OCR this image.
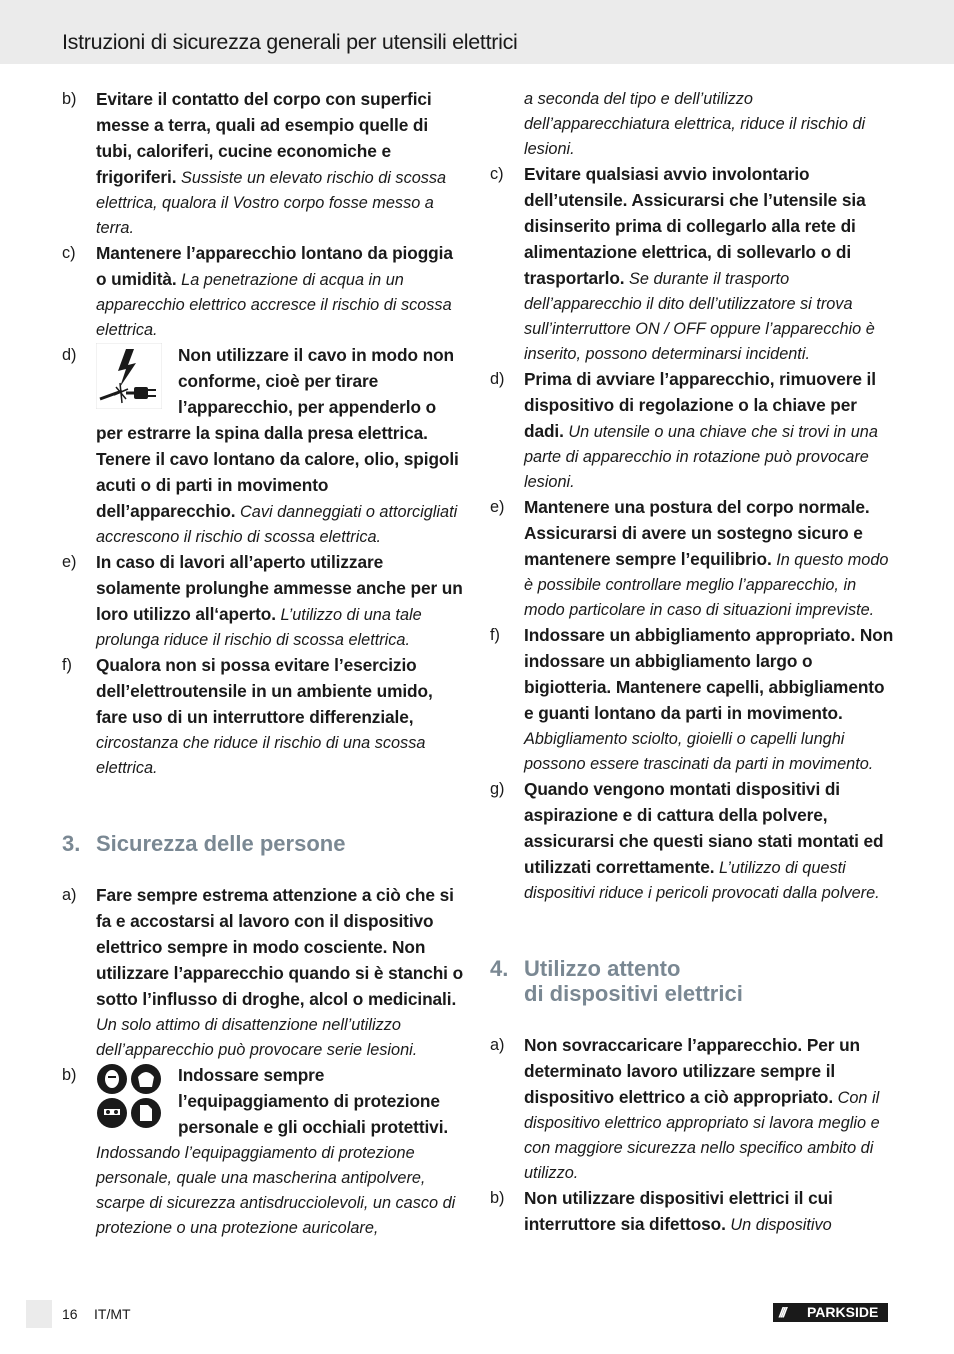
Istruzioni di sicurezza generali per utensili elettrici
b) Evitare il contatto del corpo con superfici messe a terra, quali ad esempio quelle di tubi, caloriferi, cucine economiche e frigoriferi. Sussiste un elevato rischio di scossa elettrica, qualora il Vostro corpo fosse messo a terra.
c) Mantenere l’apparecchio lontano da pioggia o umidità. La penetrazione di acqua in un apparecchio elettrico accresce il rischio di scossa elettrica.
d)	Non utilizzare il cavo in modo non conforme, cioè per tirare l’apparecchio, per appenderlo o per estrarre la spina dalla presa elettrica. Tenere il cavo lontano da calore, olio, spigoli acuti o di parti in movimento dell’apparecchio. Cavi danneggiati o attorcigliati accrescono il rischio di scossa elettrica.
e) In caso di lavori all’aperto utilizzare solamente prolunghe ammesse anche per un loro utilizzo all‘aperto. L’utilizzo di una tale prolunga riduce il rischio di scossa elettrica.
f) Qualora non si possa evitare l’esercizio dell’elettroutensile in un ambiente umido, fare uso di un interruttore differenziale, circostanza che riduce il rischio di una scossa elettrica.
3. Sicurezza delle persone
a) Fare sempre estrema attenzione a ciò che si fa e accostarsi al lavoro con il dispositivo elettrico sempre in modo cosciente. Non utilizzare l’apparecchio quando si è stanchi o sotto l’influsso di droghe, alcol o medicinali. Un solo attimo di disattenzione nell’utilizzo dell’apparecchio può provocare serie lesioni.
b)	Indossare sempre l’equipaggiamento di protezione personale e gli occhiali protettivi.
Indossando l’equipaggiamento di protezione personale, quale una mascherina antipolvere, scarpe di sicurezza antisdrucciolevoli, un casco di protezione o una protezione auricolare,
a seconda del tipo e dell’utilizzo dell’apparecchiatura elettrica, riduce il rischio di lesioni.
c) Evitare qualsiasi avvio involontario dell’utensile. Assicurarsi che l’utensile sia disinserito prima di collegarlo alla rete di alimentazione elettrica, di sollevarlo o di trasportarlo. Se durante il trasporto dell’apparecchio il dito dell’utilizzatore si trova sull’interruttore ON / OFF oppure l’apparecchio è inserito, possono determinarsi incidenti.
d) Prima di avviare l’apparecchio, rimuovere il dispositivo di regolazione o la chiave per dadi. Un utensile o una chiave che si trovi in una parte di apparecchio in rotazione può provocare lesioni.
e) Mantenere una postura del corpo normale. Assicurarsi di avere un sostegno sicuro e mantenere sempre l’equilibrio. In questo modo è possibile controllare meglio l’apparecchio, in modo particolare in caso di situazioni impreviste.
f) Indossare un abbigliamento appropriato. Non indossare un abbigliamento largo o bigiotteria. Mantenere capelli, abbigliamento e guanti lontano da parti in movimento. Abbigliamento sciolto, gioielli o capelli lunghi possono essere trascinati da parti in movimento.
g) Quando vengono montati dispositivi di aspirazione e di cattura della polvere, assicurarsi che questi siano stati montati ed utilizzati correttamente. L’utilizzo di questi dispositivi riduce i pericoli provocati dalla polvere.
4. Utilizzo attento
di dispositivi elettrici
a) Non sovraccaricare l’apparecchio. Per un determinato lavoro utilizzare sempre il dispositivo elettrico a ciò appropriato. Con il dispositivo elettrico appropriato si lavora meglio e con maggiore sicurezza nello specifico ambito di utilizzo.
b) Non utilizzare dispositivi elettrici il cui interruttore sia difettoso. Un dispositivo
16 IT/MT	/// PARKSIDE
